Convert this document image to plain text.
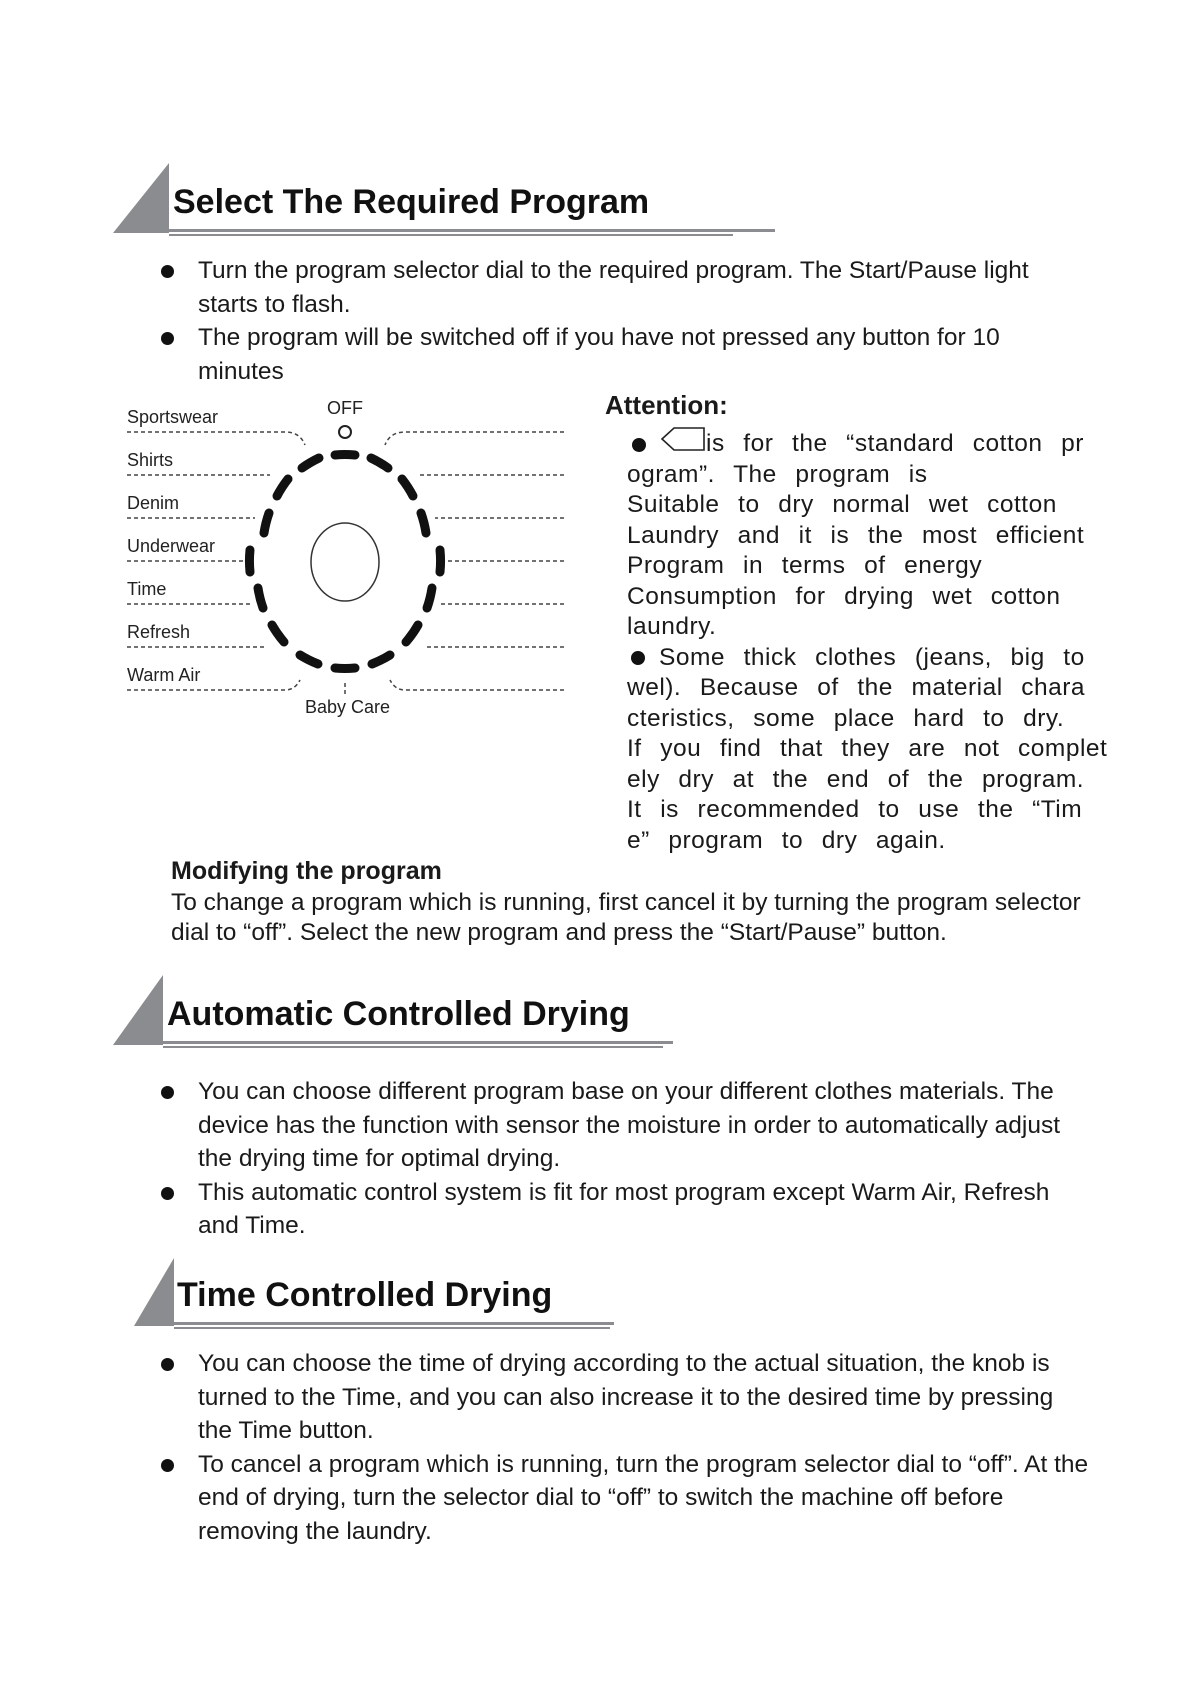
Select The Required Program
Turn the program selector dial to the required program. The Start/Pause light starts to flash.
The program will be switched off if you have not pressed any button for 10 minutes
OFF
Baby Care
Sportswear
Shirts
Denim
Underwear
Time
Refresh
Warm Air
Attention:
is  for  the  “standard  cotton  pr
ogram”.  The  program  is
Suitable  to  dry  normal  wet  cotton
Laundry  and  it  is  the  most  efficient
Program  in  terms  of  energy
Consumption  for  drying  wet  cotton
laundry.
Some  thick  clothes  (jeans,  big  to
wel).  Because  of  the  material  chara
cteristics,  some  place  hard  to  dry.
If  you  find  that  they  are  not  complet
ely  dry  at  the  end  of  the  program.
It  is  recommended  to  use  the  “Tim
e”  program  to  dry  again.
Modifying the program
To change a program which is running, first cancel it by turning the program selector dial to “off”. Select the new program and press the “Start/Pause” button.
Automatic Controlled Drying
You can choose different program base on your different clothes materials. The device has the function with sensor the moisture in order to automatically adjust the drying time for optimal drying.
This automatic control system is fit for most program except Warm Air, Refresh and Time.
Time Controlled Drying
You can choose the time of drying according to the actual situation, the knob is turned to the Time, and you can also increase it to the desired time by pressing the Time button.
To cancel a program which is running, turn the program selector dial to “off”. At the end of drying, turn the selector dial to “off” to switch the machine off before removing the laundry.
